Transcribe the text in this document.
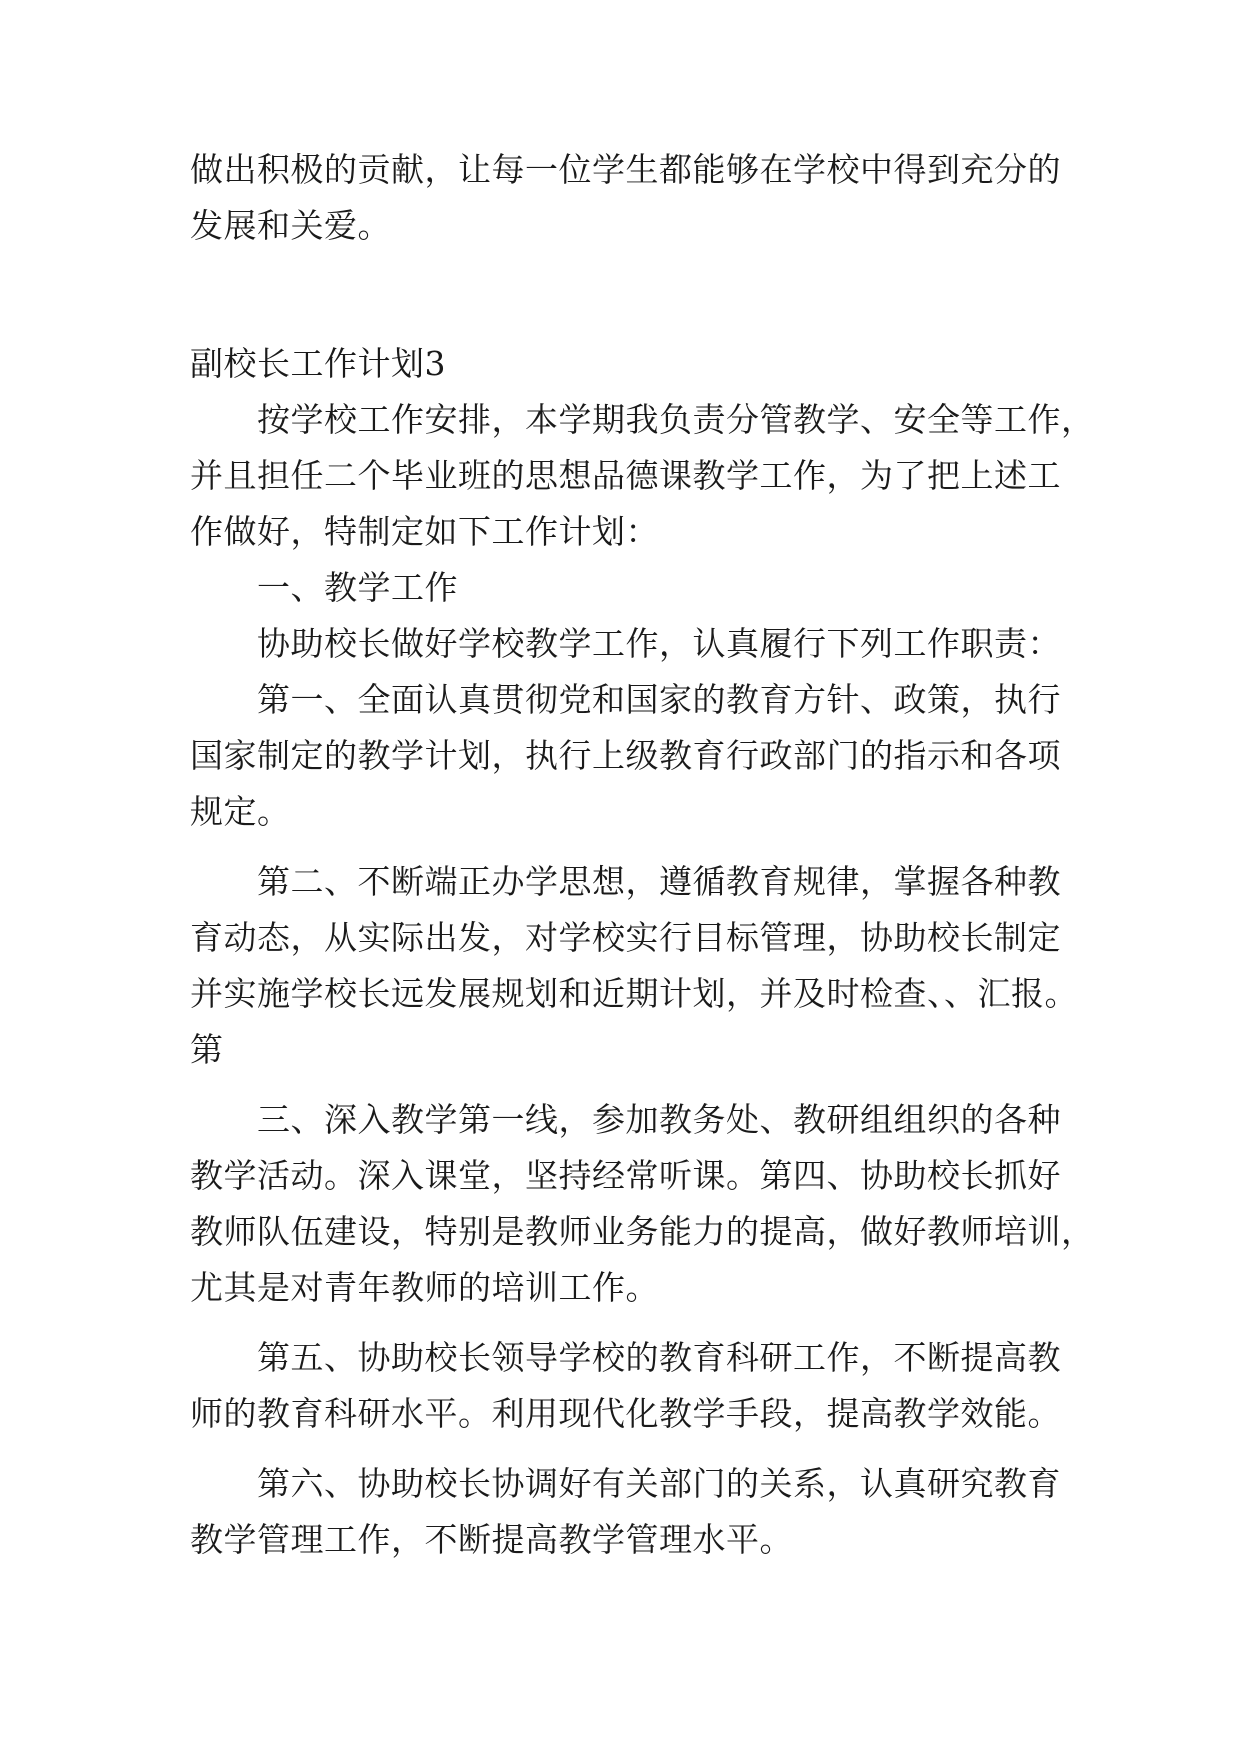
做出积极的贡献，让每一位学生都能够在学校中得到充分的
发展和关爱。
副校长工作计划3
按学校工作安排，本学期我负责分管教学、安全等工作，
并且担任二个毕业班的思想品德课教学工作，为了把上述工
作做好，特制定如下工作计划：
一、教学工作
协助校长做好学校教学工作，认真履行下列工作职责：
第一、全面认真贯彻党和国家的教育方针、政策，执行
国家制定的教学计划，执行上级教育行政部门的指示和各项
规定。
第二、不断端正办学思想，遵循教育规律，掌握各种教
育动态，从实际出发，对学校实行目标管理，协助校长制定
并实施学校长远发展规划和近期计划，并及时检查、、汇报。
第
三、深入教学第一线，参加教务处、教研组组织的各种
教学活动。深入课堂，坚持经常听课。第四、协助校长抓好
教师队伍建设，特别是教师业务能力的提高，做好教师培训，
尤其是对青年教师的培训工作。
第五、协助校长领导学校的教育科研工作，不断提高教
师的教育科研水平。利用现代化教学手段，提高教学效能。
第六、协助校长协调好有关部门的关系，认真研究教育
教学管理工作，不断提高教学管理水平。
